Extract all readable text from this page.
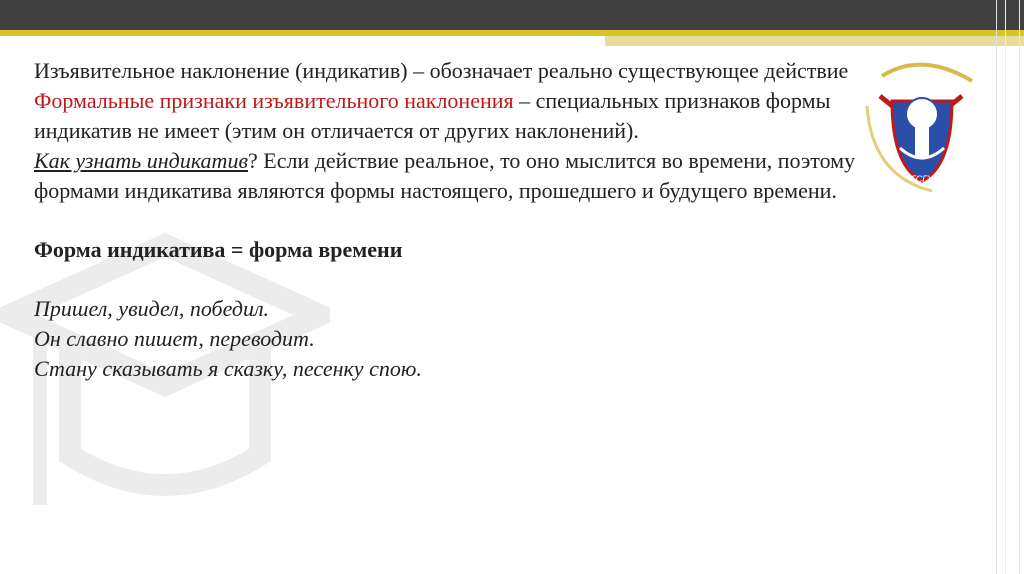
ГСГУ

Изъявительное наклонение (индикатив) – обозначает реально существующее действие

Формальные признаки изъявительного наклонения – специальных признаков формы индикатив не имеет (этим он отличается от других наклонений).

Как узнать индикатив? Если действие реальное, то оно мыслится во времени, поэтому формами индикатива являются формы настоящего, прошедшего и будущего времени.

Форма индикатива = форма времени

Пришел, увидел, победил.

Он славно пишет, переводит.

Стану сказывать я сказку, песенку спою.
